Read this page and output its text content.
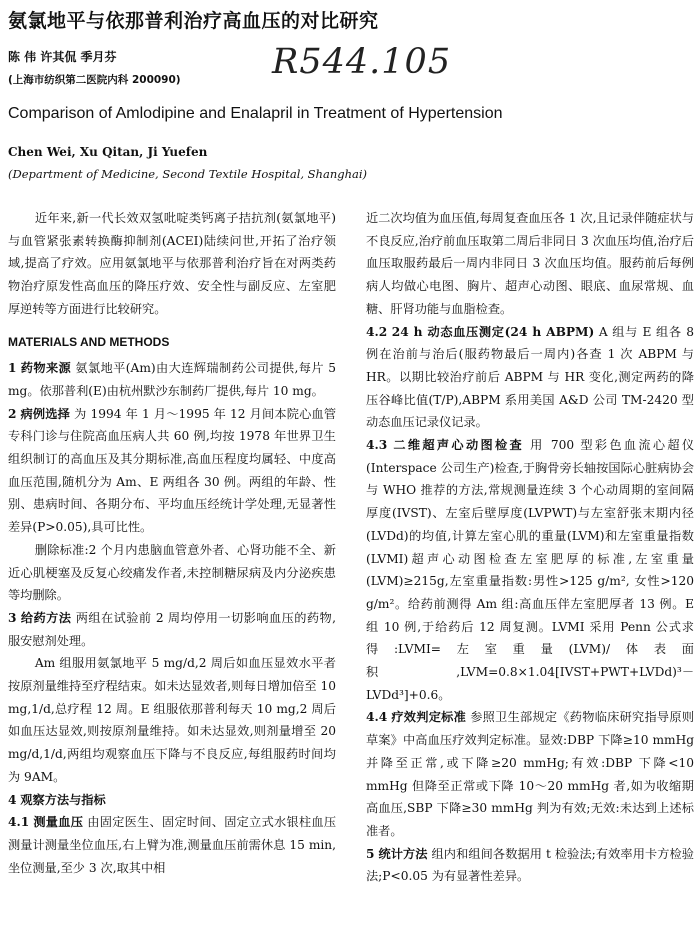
氨氯地平与依那普利治疗高血压的对比研究
陈 伟 许其侃 季月芬
(上海市纺织第二医院内科 200090)	R544.105
Comparison of Amlodipine and Enalapril in Treatment of Hypertension
Chen Wei, Xu Qitan, Ji Yuefen
(Department of Medicine, Second Textile Hospital, Shanghai)

近年来,新一代长效双氢吡啶类钙离子拮抗剂(氨氯地平)与血管紧张素转换酶抑制剂(ACEI)陆续问世,开拓了治疗领域,提高了疗效。应用氨氯地平与依那普利治疗旨在对两类药物治疗原发性高血压的降压疗效、安全性与副反应、左室肥厚逆转等方面进行比较研究。

MATERIALS AND METHODS

1 药物来源 氨氯地平(Am)由大连辉瑞制药公司提供,每片 5 mg。依那普利(E)由杭州默沙东制药厂提供,每片 10 mg。

2 病例选择 为 1994 年 1 月～1995 年 12 月间本院心血管专科门诊与住院高血压病人共 60 例,均按 1978 年世界卫生组织制订的高血压及其分期标准,高血压程度均属轻、中度高血压范围,随机分为 Am、E 两组各 30 例。两组的年龄、性别、患病时间、各期分布、平均血压经统计学处理,无显著性差异(P>0.05),具可比性。

删除标准:2 个月内患脑血管意外者、心肾功能不全、新近心肌梗塞及反复心绞痛发作者,未控制糖尿病及内分泌疾患等均删除。

3 给药方法 两组在试验前 2 周均停用一切影响血压的药物,服安慰剂处理。

Am 组服用氨氯地平 5 mg/d,2 周后如血压显效水平者按原剂量维持至疗程结束。如未达显效者,则每日增加倍至 10 mg,1/d,总疗程 12 周。E 组服依那普利每天 10 mg,2 周后如血压达显效,则按原剂量维持。如未达显效,则剂量增至 20 mg/d,1/d,两组均观察血压下降与不良反应,每组服药时间均为 9AM。

4 观察方法与指标

4.1 测量血压 由固定医生、固定时间、固定立式水银柱血压测量计测量坐位血压,右上臂为准,测量血压前需休息 15 min,坐位测量,至少 3 次,取其中相

近二次均值为血压值,每周复查血压各 1 次,且记录伴随症状与不良反应,治疗前血压取第二周后非同日 3 次血压均值,治疗后血压取服药最后一周内非同日 3 次血压均值。服药前后每例病人均做心电图、胸片、超声心动图、眼底、血尿常规、血糖、肝肾功能与血脂检查。

4.2 24 h 动态血压测定(24 h ABPM) A 组与 E 组各 8 例在治前与治后(服药物最后一周内)各查 1 次 ABPM 与 HR。以期比较治疗前后 ABPM 与 HR 变化,测定两药的降压谷峰比值(T/P),ABPM 系用美国 A&D 公司 TM-2420 型动态血压记录仪记录。

4.3 二维超声心动图检查 用 700 型彩色血流心超仪(Interspace 公司生产)检查,于胸骨旁长轴按国际心脏病协会与 WHO 推荐的方法,常规测量连续 3 个心动周期的室间隔厚度(IVST)、左室后壁厚度(LVPWT)与左室舒张末期内径(LVDd)的均值,计算左室心肌的重量(LVM)和左室重量指数(LVMI)超声心动图检查左室肥厚的标准,左室重量(LVM)≥215g,左室重量指数:男性>125 g/m², 女性>120 g/m²。给药前测得 Am 组:高血压伴左室肥厚者 13 例。E 组 10 例,于给药后 12 周复测。LVMI 采用 Penn 公式求得:LVMI=左室重量(LVM)/体表面积,LVM=0.8×1.04[IVST+PWT+LVDd)³－LVDd³]+0.6。

4.4 疗效判定标准 参照卫生部规定《药物临床研究指导原则草案》中高血压疗效判定标准。显效:DBP 下降≥10 mmHg 并降至正常,或下降≥20 mmHg;有效:DBP 下降<10 mmHg 但降至正常或下降 10～20 mmHg 者,如为收缩期高血压,SBP 下降≥30 mmHg 判为有效;无效:未达到上述标准者。

5 统计方法 组内和组间各数据用 t 检验法;有效率用卡方检验法;P<0.05 为有显著性差异。
